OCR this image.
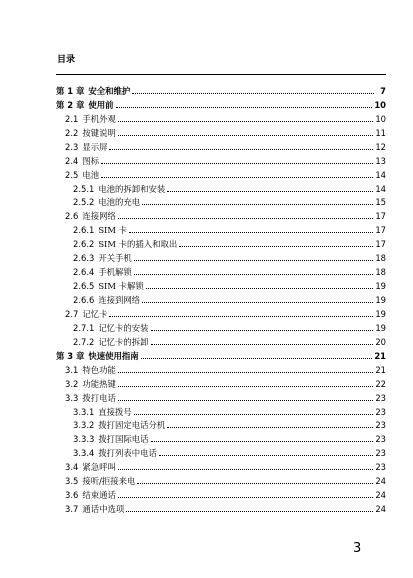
目录
第 1 章 安全和维护	7
第 2 章 使用前	10
2.1 手机外观	10
2.2 按键说明	11
2.3 显示屏	12
2.4 图标	13
2.5 电池	14
2.5.1 电池的拆卸和安装	14
2.5.2 电池的充电	15
2.6 连接网络	17
2.6.1 SIM 卡	17
2.6.2 SIM 卡的插入和取出	17
2.6.3 开关手机	18
2.6.4 手机解锁	18
2.6.5 SIM 卡解锁	19
2.6.6 连接到网络	19
2.7 记忆卡	19
2.7.1 记忆卡的安装	19
2.7.2 记忆卡的拆卸	20
第 3 章 快速使用指南	21
3.1 特色功能	21
3.2 功能热键	22
3.3 拨打电话	23
3.3.1 直接拨号	23
3.3.2 拨打固定电话分机	23
3.3.3 拨打国际电话	23
3.3.4 拨打列表中电话	23
3.4 紧急呼叫	23
3.5 接听/拒接来电	24
3.6 结束通话	24
3.7 通话中选项	24
3
